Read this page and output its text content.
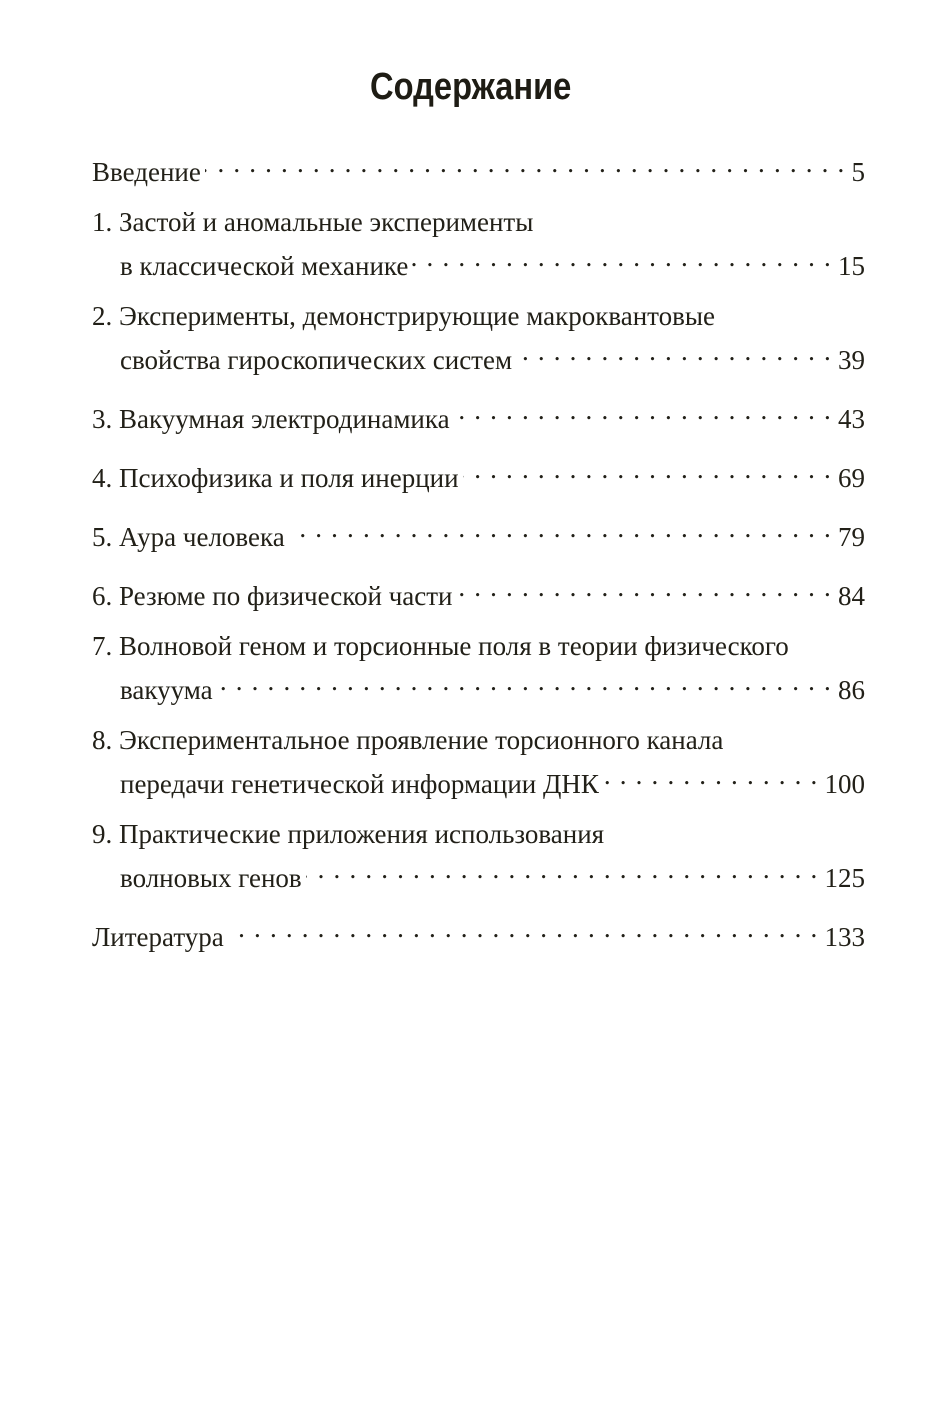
Содержание
Введение . . .	5
1. Застой и аномальные эксперименты
в классической механике . . .	15
2. Эксперименты, демонстрирующие макроквантовые
свойства гироскопических систем . . .	39
3. Вакуумная электродинамика . . .	43
4. Психофизика и поля инерции . . .	69
5. Аура человека . . .	79
6. Резюме по физической части . . .	84
7. Волновой геном и торсионные поля в теории физического
вакуума . . .	86
8. Экспериментальное проявление торсионного канала
передачи генетической информации ДНК . . .	100
9. Практические приложения использования
волновых генов . . .	125
Литература . . .	133
